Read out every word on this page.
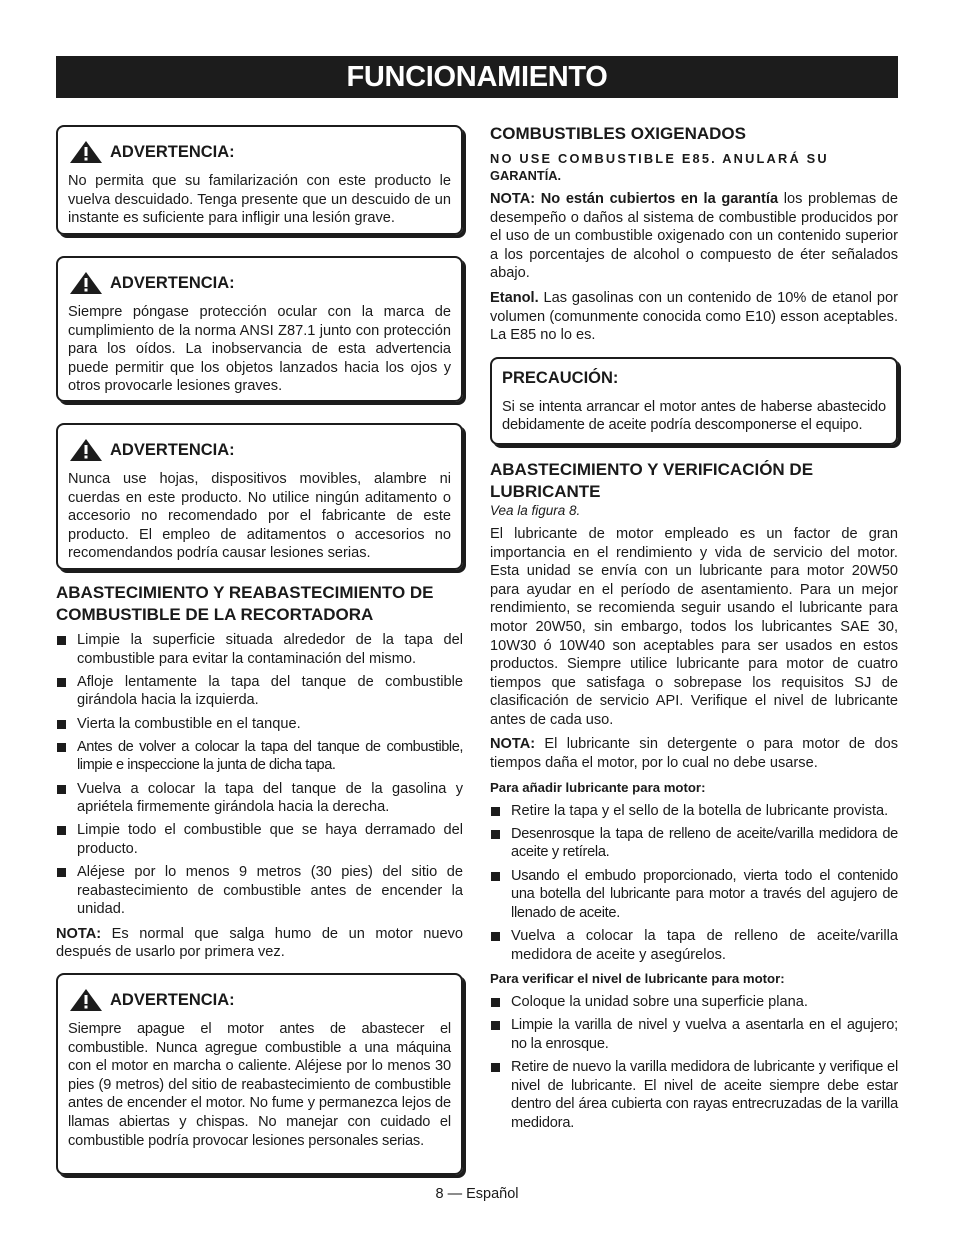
FUNCIONAMIENTO
ADVERTENCIA:

No permita que su familarización con este producto le vuelva descuidado. Tenga presente que un descuido de un instante es suficiente para infligir una lesión grave.

ADVERTENCIA:

Siempre póngase protección ocular con la marca de cumplimiento de la norma ANSI Z87.1 junto con protección para los oídos. La inobservancia de esta advertencia puede permitir que los objetos lanzados hacia los ojos y otros provocarle lesiones graves.

ADVERTENCIA:

Nunca use hojas, dispositivos movibles, alambre ni cuerdas en este producto. No utilice ningún aditamento o accesorio no recomendado por el fabricante de este producto. El empleo de aditamentos o accesorios no recomendandos podría causar lesiones serias.

ABASTECIMIENTO Y REABASTECIMIENTO DE COMBUSTIBLE DE LA RECORTADORA
Limpie la superficie situada alrededor de la tapa del combustible para evitar la contaminación del mismo.
Afloje lentamente la tapa del tanque de combustible girándola hacia la izquierda.
Vierta la combustible en el tanque.
Antes de volver a colocar la tapa del tanque de combustible, limpie e inspeccione la junta de dicha tapa.
Vuelva a colocar la tapa del tanque de la gasolina y apriételа firmemente girándola hacia la derecha.
Limpie todo el combustible que se haya derramado del producto.
Aléjese por lo menos 9 metros (30 pies) del sitio de reabastecimiento de combustible antes de encender la unidad.

NOTA: Es normal que salga humo de un motor nuevo después de usarlo por primera vez.

ADVERTENCIA:

Siempre apague el motor antes de abastecer el combustible. Nunca agregue combustible a una máquina con el motor en marcha o caliente. Aléjese por lo menos 30 pies (9 metros) del sitio de reabastecimiento de combustible antes de encender el motor. No fume y permanezca lejos de llamas abiertas y chispas. No manejar con cuidado el combustible podría provocar lesiones personales serias.

COMBUSTIBLES OXIGENADOS

NO USE COMBUSTIBLE E85. ANULARÁ SU

GARANTÍA.

NOTA: No están cubiertos en la garantía los problemas de desempeño o daños al sistema de combustible producidos por el uso de un combustible oxigenado con un contenido superior a los porcentajes de alcohol o compuesto de éter señalados abajo.

Etanol. Las gasolinas con un contenido de 10% de etanol por volumen (comunmente conocida como E10) esson aceptables. La E85 no lo es.

PRECAUCIÓN:

Si se intenta arrancar el motor antes de haberse abastecido debidamente de aceite podría descomponerse el equipo.

ABASTECIMIENTO Y VERIFICACIÓN DE LUBRICANTE

Vea la figura 8.

El lubricante de motor empleado es un factor de gran importancia en el rendimiento y vida de servicio del motor. Esta unidad se envía con un lubricante para motor 20W50 para ayudar en el período de asentamiento. Para un mejor rendimiento, se recomienda seguir usando el lubricante para motor 20W50, sin embargo, todos los lubricantes SAE 30, 10W30 ó 10W40 son aceptables para ser usados en estos productos. Siempre utilice lubricante para motor de cuatro tiempos que satisfaga o sobrepase los requisitos SJ de clasificación de servicio API. Verifique el nivel de lubricante antes de cada uso.

NOTA: El lubricante sin detergente o para motor de dos tiempos daña el motor, por lo cual no debe usarse.

Para añadir lubricante para motor:

Retire la tapa y el sello de la botella de lubricante provista.
Desenrosque la tapa de relleno de aceite/varilla medidora de aceite y retírela.
Usando el embudo proporcionado, vierta todo el contenido una botella del lubricante para motor a través del agujero de llenado de aceite.
Vuelva a colocar la tapa de relleno de aceite/varilla medidora de aceite y asegúrelos.

Para verificar el nivel de lubricante para motor:

Coloque la unidad sobre una superficie plana.
Limpie la varilla de nivel y vuelva a asentarla en el agujero; no la enrosque.
Retire de nuevo la varilla medidora de lubricante y verifique el nivel de lubricante. El nivel de aceite siempre debe estar dentro del área cubierta con rayas entrecruzadas de la varilla medidora.
8 — Español
